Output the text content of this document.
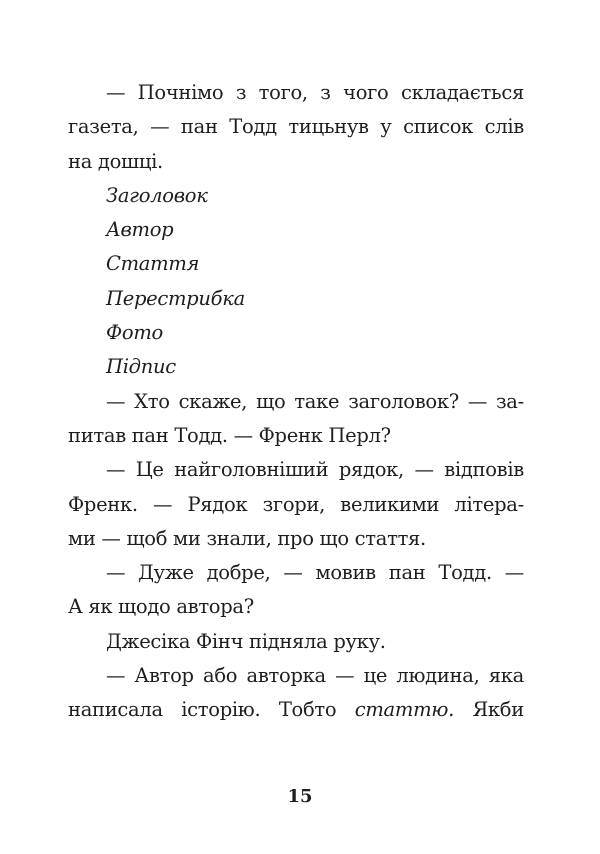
— Почнімо з того, з чого складається
газета, — пан Тодд тицьнув у список слів
на дошці.
Заголовок
Автор
Стаття
Перестрибка
Фото
Підпис
— Хто скаже, що таке заголовок? — за-
питав пан Тодд. — Френк Перл?
— Це найголовніший рядок, — відповів
Френк. — Рядок згори, великими літера-
ми — щоб ми знали, про що стаття.
— Дуже добре, — мовив пан Тодд. —
А як щодо автора?
Джесіка Фінч підняла руку.
— Автор або авторка — це людина, яка
написала історію. Тобто статтю. Якби
15
